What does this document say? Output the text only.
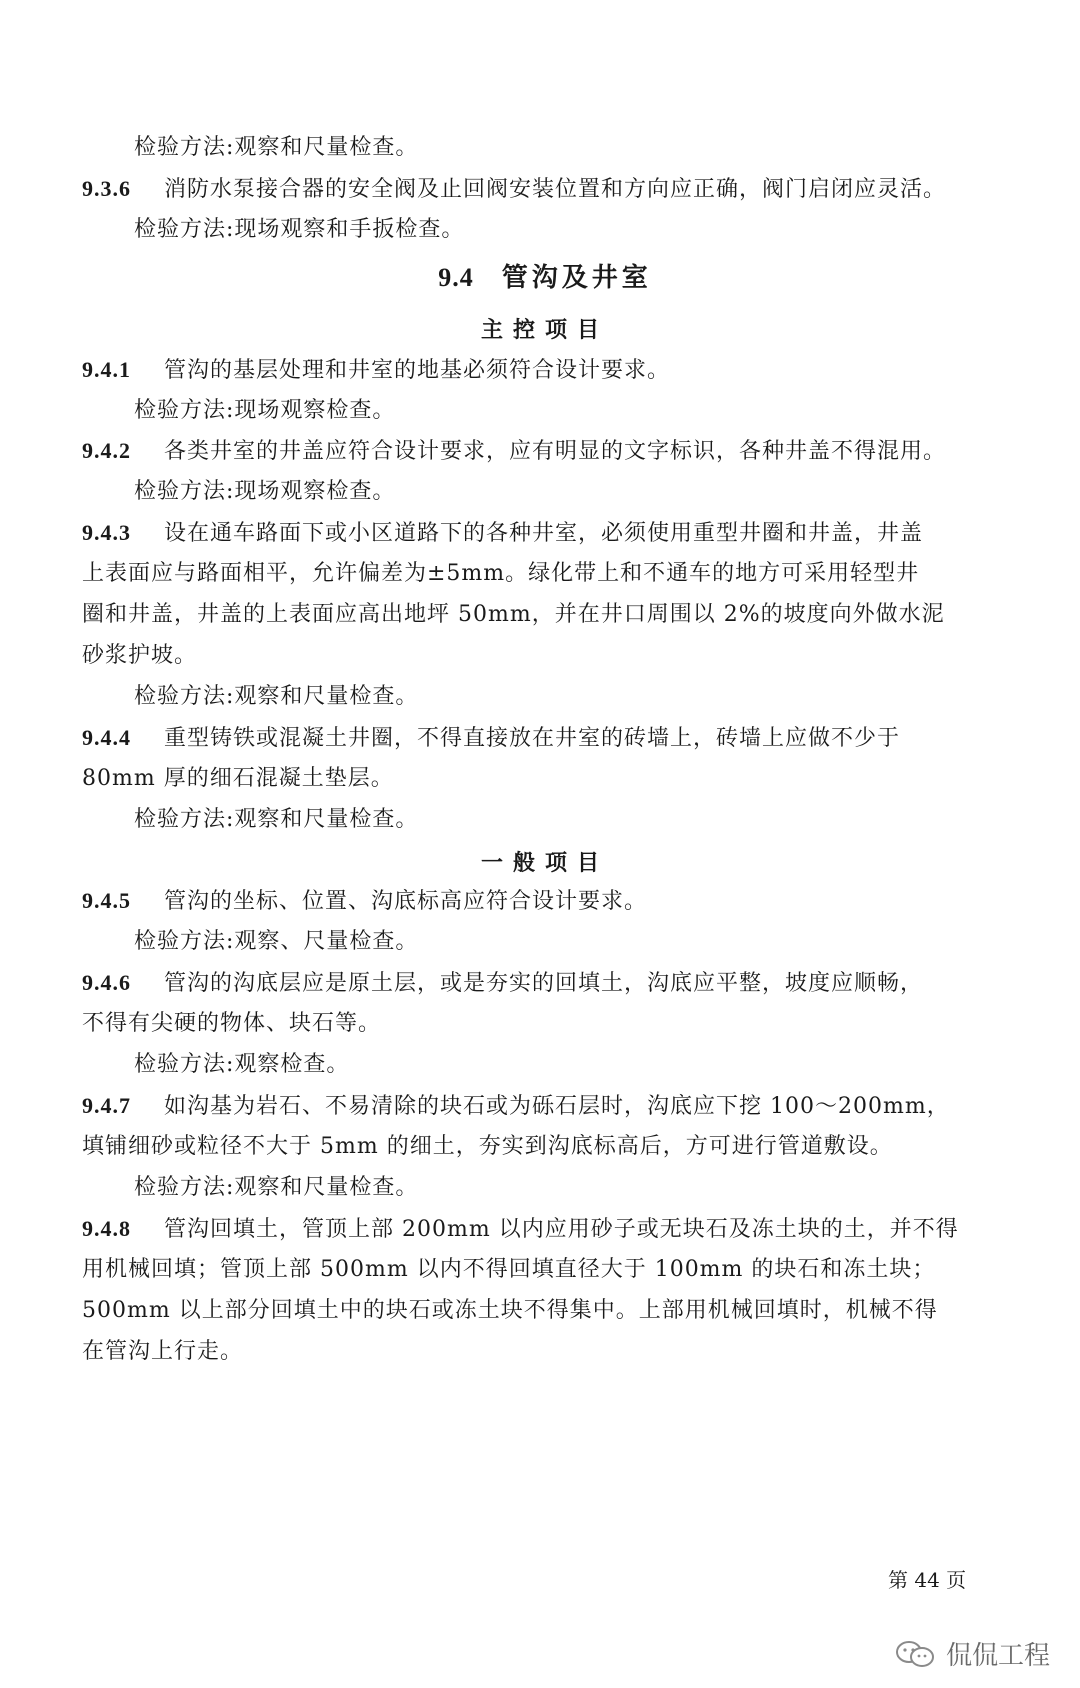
检验方法:观察和尺量检查。
9.3.6 消防水泵接合器的安全阀及止回阀安装位置和方向应正确，阀门启闭应灵活。
检验方法:现场观察和手扳检查。
9.4 管沟及井室
主控项目
9.4.1 管沟的基层处理和井室的地基必须符合设计要求。
检验方法:现场观察检查。
9.4.2 各类井室的井盖应符合设计要求，应有明显的文字标识，各种井盖不得混用。
检验方法:现场观察检查。
9.4.3 设在通车路面下或小区道路下的各种井室，必须使用重型井圈和井盖，井盖
上表面应与路面相平，允许偏差为±5mm。绿化带上和不通车的地方可采用轻型井
圈和井盖，井盖的上表面应高出地坪 50mm，并在井口周围以 2%的坡度向外做水泥
砂浆护坡。
检验方法:观察和尺量检查。
9.4.4 重型铸铁或混凝土井圈，不得直接放在井室的砖墙上，砖墙上应做不少于
80mm 厚的细石混凝土垫层。
检验方法:观察和尺量检查。
一般项目
9.4.5 管沟的坐标、位置、沟底标高应符合设计要求。
检验方法:观察、尺量检查。
9.4.6 管沟的沟底层应是原土层，或是夯实的回填土，沟底应平整，坡度应顺畅，
不得有尖硬的物体、块石等。
检验方法:观察检查。
9.4.7 如沟基为岩石、不易清除的块石或为砾石层时，沟底应下挖 100～200mm，
填铺细砂或粒径不大于 5mm 的细土，夯实到沟底标高后，方可进行管道敷设。
检验方法:观察和尺量检查。
9.4.8 管沟回填土，管顶上部 200mm 以内应用砂子或无块石及冻土块的土，并不得
用机械回填；管顶上部 500mm 以内不得回填直径大于 100mm 的块石和冻土块；
500mm 以上部分回填土中的块石或冻土块不得集中。上部用机械回填时，机械不得
在管沟上行走。
第 44 页
侃侃工程
